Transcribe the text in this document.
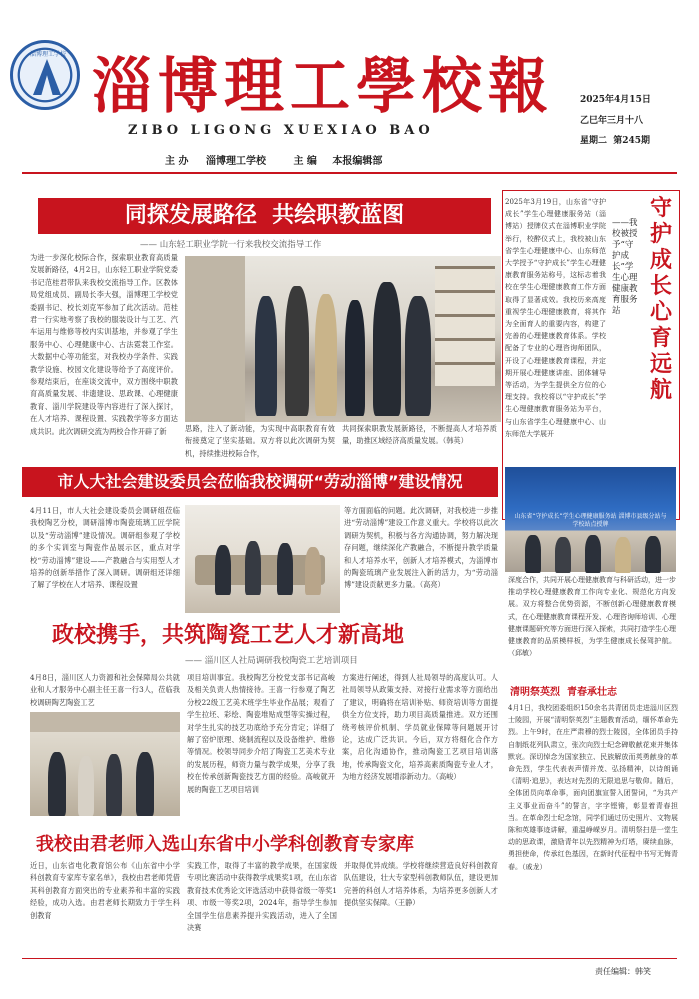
淄博理工学校 淄博理工學校報
ZIBO LIGONG XUEXIAO BAO
2025年4月15日
乙巳年三月十八
星期二  第245期
主 办 淄博理工学校	主 编 本报编辑部
同探发展路径  共绘职教蓝图
—— 山东轻工职业学院一行来我校交流指导工作
为进一步深化校际合作，探索职业教育高质量发展新路径，4月2日，山东轻工职业学院党委书记范桂君带队来我校交流指导工作。区教体局党组成员、副局长李大强，淄博理工学校党委副书记、校长刘克军参加了此次活动。范桂君一行实地考察了我校的服装设计与工艺、汽车运用与维修等校内实训基地，并参观了学生服务中心、心理健康中心、古法霓裳工作室。大数据中心等功能室，对我校办学条件、实践教学设施、校园文化建设等给予了高度评价。参观结束后，在座谈交流中，双方围绕中职教育高质量发展、非遗建设、思政课、心理健康教育、淄川学院建设等内容进行了深入探讨，在人才培养、课程设置、实践教学等多方面达成共识。此次调研交流为两校合作开辟了新	思路，注入了新动能，为实现中高职教育有效衔接奠定了坚实基础。双方将以此次调研为契机，持续推进校际合作，
共同探索职教发展新路径，不断提高人才培养质量，助推区域经济高质量发展。（韩英）
2025年3月19日，山东省“守护成长”学生心理健康服务站（淄博站）授牌仪式在淄博职业学院举行，校醉仪式上，我校被山东省学生心理健康中心、山东师范大学授予“守护成长”学生心理健康教育服务站称号，这标志着我校在学生心理健康教育工作方面取得了显著成效。我校历来高度重视学生心理健康教育，将其作为全面育人的重要内容，构建了完善的心理健康教育体系。学校配备了专业的心理咨询师团队，开设了心理健康教育课程，并定期开展心理健康讲座、团体辅导等活动，为学生提供全方位的心理支持。我校将以“守护成长”学生心理健康教育服务站为平台，与山东省学生心理健康中心、山东师范大学展开
守护成长 心育远航
——我校被授予“守护成长”学生心理健康教育服务站
山东省“守护成长”学生心理健康服务站 淄博市县级分站与学校站点授牌
深度合作，共同开展心理健康教育与科研活动，进一步推动学校心理健康教育工作向专业化、规范化方向发展。双方将整合优势资源，不断创新心理健康教育模式，在心理健康教育课程开发、心理咨询师培训、心理健康课题研究等方面进行深入探索，共同打造学生心理健康教育的品质模样板，为学生健康成长保驾护航。（邱敏）
市人大社会建设委员会莅临我校调研“劳动淄博”建设情况
4月11日，市人大社会建设委员会调研组莅临我校陶艺分校，调研淄博市陶瓷琉璃工匠学院以及“劳动淄博”建设情况。调研组参观了学校的多个实训室与陶瓷作品展示区，重点对学校“劳动淄博”建设——产教融合与实用型人才培养的创新举措作了深入调研。调研组还详细了解了学校在人才培养、课程设置
等方面面临的问题。此次调研，对我校进一步推进“劳动淄博”建设工作意义重大。学校将以此次调研为契机，积极与各方沟通协调，努力解决现存问题，继续深化产教融合，不断提升教学质量和人才培养水平，创新人才培养模式，为淄博市的陶瓷琉璃产业发展注入新的活力，为“劳动淄博”建设贡献更多力量。（高亮）
政校携手，共筑陶瓷工艺人才新高地
—— 淄川区人社局调研我校陶瓷工艺培训项目
4月8日，淄川区人力资源和社会保障局公共就业和人才服务中心副主任王喜一行3人，莅临我校调研陶艺陶瓷工艺
项目培训事宜。我校陶艺分校党支部书记高峻及相关负责人热情接待。王喜一行参观了陶艺分校22级工艺美术班学生毕业作品展；观看了学生拉坯、彩绘、陶瓷堆贴成型等实操过程，对学生扎实的技艺功底给予充分肯定；详细了解了窑炉原理、烧制流程以及设备维护、维修等情况。校领导同步介绍了陶瓷工艺美术专业的发展历程，师资力量与教学成果，分享了我校在传承创新陶瓷技艺方面的经验。高峻就开展的陶瓷工艺项目培训
方案进行阐述，得到人社局领导的高度认可。人社局领导从政策支持、对接行业需求等方面给出了建议，明确将在培训补贴、师资培训等方面提供全方位支持，助力项目高质量推进。双方还围绕考核评价机制、学员就业保障等问题展开讨论，达成广泛共识。今后，双方将细化合作方案，启化沟通协作，推动陶瓷工艺项目培训落地，传承陶瓷文化，培养高素质陶瓷专业人才，为地方经济发展增添新动力。（高峻）
我校由君老师入选山东省中小学科创教育专家库
近日，山东省电化教育馆公布《山东省中小学科创教育专家库专家名单》，我校由君老师凭借其科创教育方面突出的专业素养和丰富的实践经验，成功入选。由君老师长期致力于学生科创教育
实践工作，取得了丰富的教学成果，在国家级专项比赛活动中获得教学成果奖1项，在山东省教育技术优秀论文评选活动中获得省级一等奖1项、市级一等奖2项，2024年，指导学生参加全国学生信息素养提升实践活动，进入了全国决赛
并取得优异成绩。学校将继续营造良好科创教育队伍建设，壮大专家型科创教师队伍，建设更加完善的科创人才培养体系，为培养更多创新人才提供坚实保障。（王静）
清明祭英烈  青春承壮志
4月1日，我校团委组织150余名共青团员走进淄川区烈士陵园，开展“清明祭英烈”主题教育活动，缅怀革命先烈。上午9时，在庄严肃穆的烈士陵园，全体团员手持自制纸花列队肃立，张次向烈士纪念碑敬献花束并集体默哀。深切悼念为国家独立、民族解放而英勇献身的革命先烈，学生代表表声情并茂、弘扬精神，以诗朗诵《清明·追思》，表达对先烈的无限追思与敬仰。随后，全体团员向革命事，面向团旗宣誓入团誓词，“为共产主义事业而奋斗”的誓言，字字铿锵，彰显着青春担当。在革命烈士纪念馆，同学们通过历史照片、文物展陈和英雄事迹讲解，重温峥嵘岁月。清明祭扫是一堂生动的思政课，激励青年以先烈精神为灯塔，赓续血脉，勇担使命，传承红色基因，在新时代征程中书写无悔青春。（戚龙）
责任编辑：韩笑
